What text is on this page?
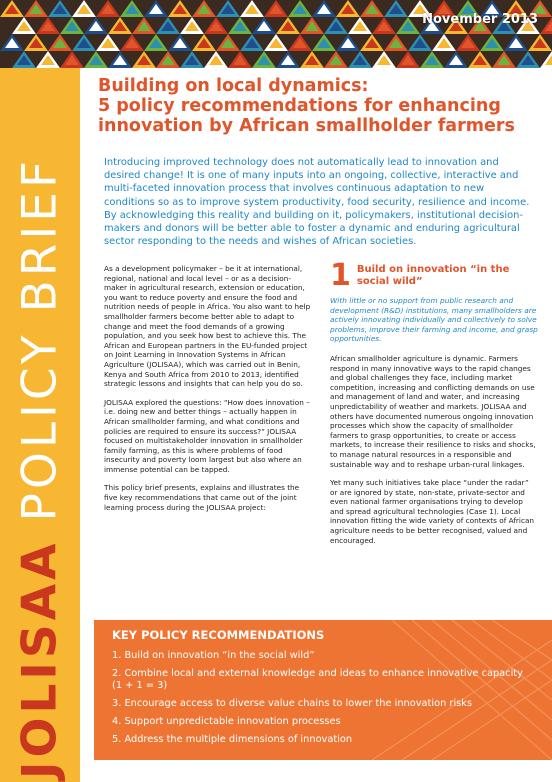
November 2013
JOLISAAPOLICY BRIEF
Building on local dynamics:
5 policy recommendations for enhancing
innovation by African smallholder farmers

Introducing improved technology does not automatically lead to innovation and desired change! It is one of many inputs into an ongoing, collective, interactive and multi-faceted innovation process that involves continuous adaptation to new conditions so as to improve system productivity, food security, resilience and income. By acknowledging this reality and building on it, policymakers, institutional decision-makers and donors will be better able to foster a dynamic and enduring agricultural sector responding to the needs and wishes of African societies.

As a development policymaker – be it at international, regional, national and local level – or as a decision-maker in agricultural research, extension or education, you want to reduce poverty and ensure the food and nutrition needs of people in Africa. You also want to help smallholder farmers become better able to adapt to change and meet the food demands of a growing population, and you seek how best to achieve this. The African and European partners in the EU-funded project on Joint Learning in Innovation Systems in African Agriculture (JOLISAA), which was carried out in Benin, Kenya and South Africa from 2010 to 2013, identified strategic lessons and insights that can help you do so.

JOLISAA explored the questions: “How does innovation – i.e. doing new and better things – actually happen in African smallholder farming, and what conditions and policies are required to ensure its success?” JOLISAA focused on multistakeholder innovation in smallholder family farming, as this is where problems of food insecurity and poverty loom largest but also where an immense potential can be tapped.

This policy brief presents, explains and illustrates the five key recommendations that came out of the joint learning process during the JOLISAA project:

1 Build on innovation “in the social wild”

With little or no support from public research and development (R&D) institutions, many smallholders are actively innovating individually and collectively to solve problems, improve their farming and income, and grasp opportunities.

African smallholder agriculture is dynamic. Farmers respond in many innovative ways to the rapid changes and global challenges they face, including market competition, increasing and conflicting demands on use and management of land and water, and increasing unpredictability of weather and markets. JOLISAA and others have documented numerous ongoing innovation processes which show the capacity of smallholder farmers to grasp opportunities, to create or access markets, to increase their resilience to risks and shocks, to manage natural resources in a responsible and sustainable way and to reshape urban-rural linkages.

Yet many such initiatives take place “under the radar” or are ignored by state, non-state, private-sector and even national farmer organisations trying to develop and spread agricultural technologies (Case 1). Local innovation fitting the wide variety of contexts of African agriculture needs to be better recognised, valued and encouraged.

KEY POLICY RECOMMENDATIONS
1. Build on innovation “in the social wild”
2. Combine local and external knowledge and ideas to enhance innovative capacity (1 + 1 = 3)
3. Encourage access to diverse value chains to lower the innovation risks
4. Support unpredictable innovation processes
5. Address the multiple dimensions of innovation
